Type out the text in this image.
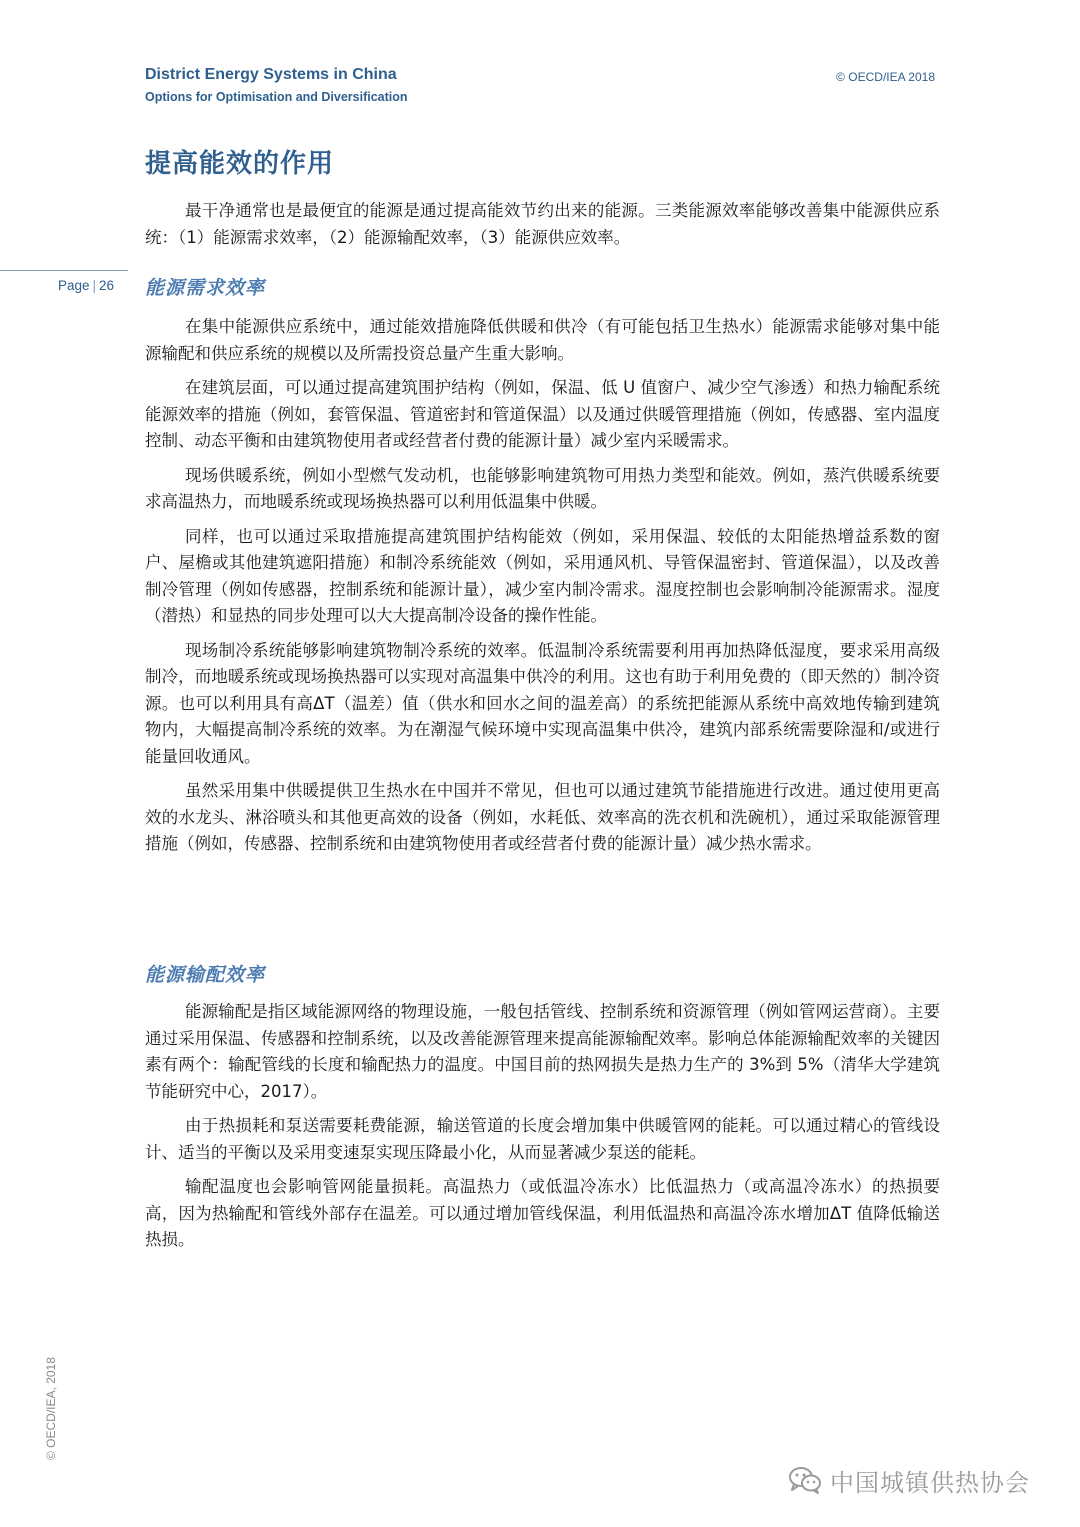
District Energy Systems in China
Options for Optimisation and Diversification
© OECD/IEA 2018
提高能效的作用

最干净通常也是最便宜的能源是通过提高能效节约出来的能源。三类能源效率能够改善集中能源供应系统：（1）能源需求效率，（2）能源输配效率，（3）能源供应效率。

Page | 26 能源需求效率

在集中能源供应系统中，通过能效措施降低供暖和供冷（有可能包括卫生热水）能源需求能够对集中能源输配和供应系统的规模以及所需投资总量产生重大影响。

在建筑层面，可以通过提高建筑围护结构（例如，保温、低 U 值窗户、减少空气渗透）和热力输配系统能源效率的措施（例如，套管保温、管道密封和管道保温）以及通过供暖管理措施（例如，传感器、室内温度控制、动态平衡和由建筑物使用者或经营者付费的能源计量）减少室内采暖需求。

现场供暖系统，例如小型燃气发动机，也能够影响建筑物可用热力类型和能效。例如，蒸汽供暖系统要求高温热力，而地暖系统或现场换热器可以利用低温集中供暖。

同样，也可以通过采取措施提高建筑围护结构能效（例如，采用保温、较低的太阳能热增益系数的窗户、屋檐或其他建筑遮阳措施）和制冷系统能效（例如，采用通风机、导管保温密封、管道保温），以及改善制冷管理（例如传感器，控制系统和能源计量），减少室内制冷需求。湿度控制也会影响制冷能源需求。湿度（潜热）和显热的同步处理可以大大提高制冷设备的操作性能。

现场制冷系统能够影响建筑物制冷系统的效率。低温制冷系统需要利用再加热降低湿度，要求采用高级制冷，而地暖系统或现场换热器可以实现对高温集中供冷的利用。这也有助于利用免费的（即天然的）制冷资源。也可以利用具有高ΔT（温差）值（供水和回水之间的温差高）的系统把能源从系统中高效地传输到建筑物内，大幅提高制冷系统的效率。为在潮湿气候环境中实现高温集中供冷，建筑内部系统需要除湿和/或进行能量回收通风。

虽然采用集中供暖提供卫生热水在中国并不常见，但也可以通过建筑节能措施进行改进。通过使用更高效的水龙头、淋浴喷头和其他更高效的设备（例如，水耗低、效率高的洗衣机和洗碗机），通过采取能源管理措施（例如，传感器、控制系统和由建筑物使用者或经营者付费的能源计量）减少热水需求。

能源输配效率

能源输配是指区域能源网络的物理设施，一般包括管线、控制系统和资源管理（例如管网运营商）。主要通过采用保温、传感器和控制系统，以及改善能源管理来提高能源输配效率。影响总体能源输配效率的关键因素有两个：输配管线的长度和输配热力的温度。中国目前的热网损失是热力生产的 3%到 5%（清华大学建筑节能研究中心，2017）。

由于热损耗和泵送需要耗费能源，输送管道的长度会增加集中供暖管网的能耗。可以通过精心的管线设计、适当的平衡以及采用变速泵实现压降最小化，从而显著减少泵送的能耗。

输配温度也会影响管网能量损耗。高温热力（或低温冷冻水）比低温热力（或高温冷冻水）的热损要高，因为热输配和管线外部存在温差。可以通过增加管线保温，利用低温热和高温冷冻水增加ΔT 值降低输送热损。

© OECD/IEA, 2018
中国城镇供热协会
